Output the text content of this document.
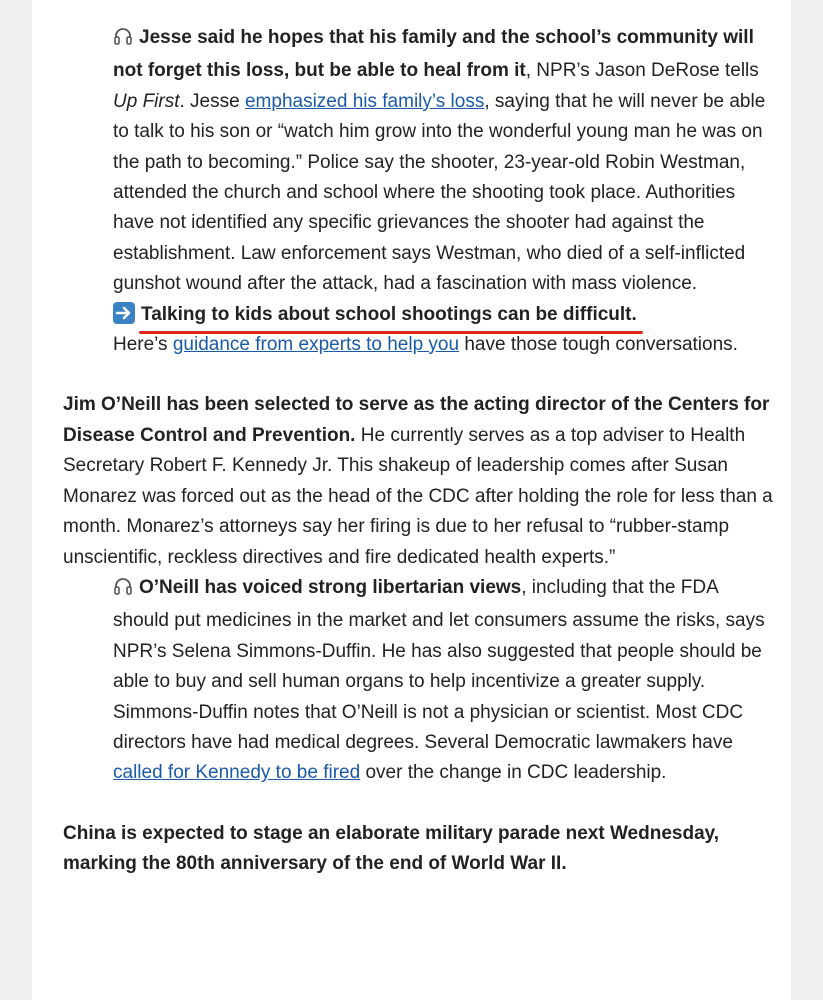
Jesse said he hopes that his family and the school’s community will not forget this loss, but be able to heal from it, NPR’s Jason DeRose tells Up First. Jesse emphasized his family’s loss, saying that he will never be able to talk to his son or “watch him grow into the wonderful young man he was on the path to becoming.” Police say the shooter, 23-year-old Robin Westman, attended the church and school where the shooting took place. Authorities have not identified any specific grievances the shooter had against the establishment. Law enforcement says Westman, who died of a self-inflicted gunshot wound after the attack, had a fascination with mass violence.

Talking to kids about school shootings can be difficult.
Here’s guidance from experts to help you have those tough conversations.

Jim O’Neill has been selected to serve as the acting director of the Centers for Disease Control and Prevention. He currently serves as a top adviser to Health Secretary Robert F. Kennedy Jr. This shakeup of leadership comes after Susan Monarez was forced out as the head of the CDC after holding the role for less than a month. Monarez’s attorneys say her firing is due to her refusal to “rubber-stamp unscientific, reckless directives and fire dedicated health experts.”

O’Neill has voiced strong libertarian views, including that the FDA should put medicines in the market and let consumers assume the risks, says NPR’s Selena Simmons-Duffin. He has also suggested that people should be able to buy and sell human organs to help incentivize a greater supply. Simmons-Duffin notes that O’Neill is not a physician or scientist. Most CDC directors have had medical degrees. Several Democratic lawmakers have called for Kennedy to be fired over the change in CDC leadership.

China is expected to stage an elaborate military parade next Wednesday, marking the 80th anniversary of the end of World War II.
